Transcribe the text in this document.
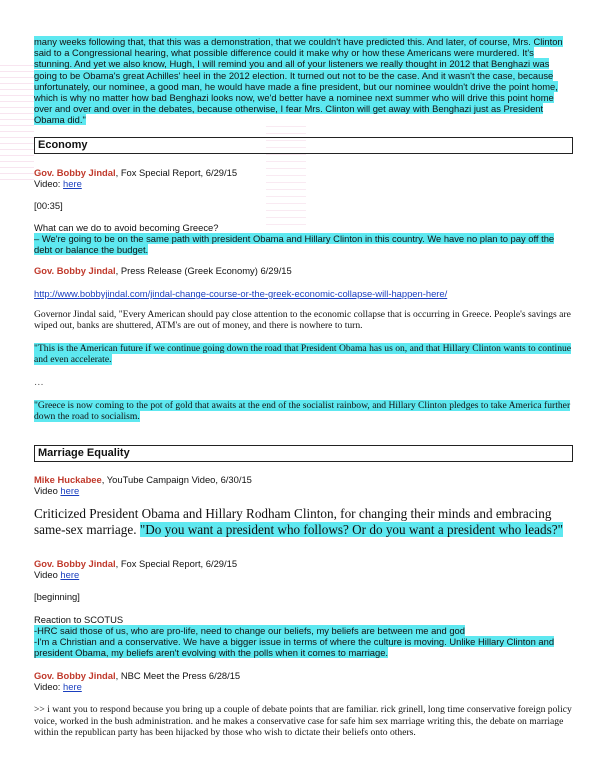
many weeks following that, that this was a demonstration, that we couldn't have predicted this. And later, of course, Mrs. Clinton said to a Congressional hearing, what possible difference could it make why or how these Americans were murdered. It's stunning. And yet we also know, Hugh, I will remind you and all of your listeners we really thought in 2012 that Benghazi was going to be Obama's great Achilles' heel in the 2012 election. It turned out not to be the case. And it wasn't the case, because unfortunately, our nominee, a good man, he would have made a fine president, but our nominee wouldn't drive the point home, which is why no matter how bad Benghazi looks now, we'd better have a nominee next summer who will drive this point home over and over and over in the debates, because otherwise, I fear Mrs. Clinton will get away with Benghazi just as President Obama did."
Economy
Gov. Bobby Jindal, Fox Special Report, 6/29/15
Video: here
[00:35]
What can we do to avoid becoming Greece?
– We're going to be on the same path with president Obama and Hillary Clinton in this country. We have no plan to pay off the debt or balance the budget.
Gov. Bobby Jindal, Press Release (Greek Economy) 6/29/15
http://www.bobbyjindal.com/jindal-change-course-or-the-greek-economic-collapse-will-happen-here/
Governor Jindal said, "Every American should pay close attention to the economic collapse that is occurring in Greece. People's savings are wiped out, banks are shuttered, ATM's are out of money, and there is nowhere to turn.
"This is the American future if we continue going down the road that President Obama has us on, and that Hillary Clinton wants to continue and even accelerate.
…
"Greece is now coming to the pot of gold that awaits at the end of the socialist rainbow, and Hillary Clinton pledges to take America further down the road to socialism.
Marriage Equality
Mike Huckabee, YouTube Campaign Video, 6/30/15
Video here
Criticized President Obama and Hillary Rodham Clinton, for changing their minds and embracing same-sex marriage. "Do you want a president who follows? Or do you want a president who leads?"
Gov. Bobby Jindal, Fox Special Report, 6/29/15
Video here
[beginning]
Reaction to SCOTUS
-HRC said those of us, who are pro-life, need to change our beliefs, my beliefs are between me and god
-I'm a Christian and a conservative. We have a bigger issue in terms of where the culture is moving. Unlike Hillary Clinton and president Obama, my beliefs aren't evolving with the polls when it comes to marriage.
Gov. Bobby Jindal, NBC Meet the Press 6/28/15
Video: here
>> i want you to respond because you bring up a couple of debate points that are familiar. rick grinell, long time conservative foreign policy voice, worked in the bush administration. and he makes a conservative case for safe him sex marriage writing this, the debate on marriage within the republican party has been hijacked by those who wish to dictate their beliefs onto others.
